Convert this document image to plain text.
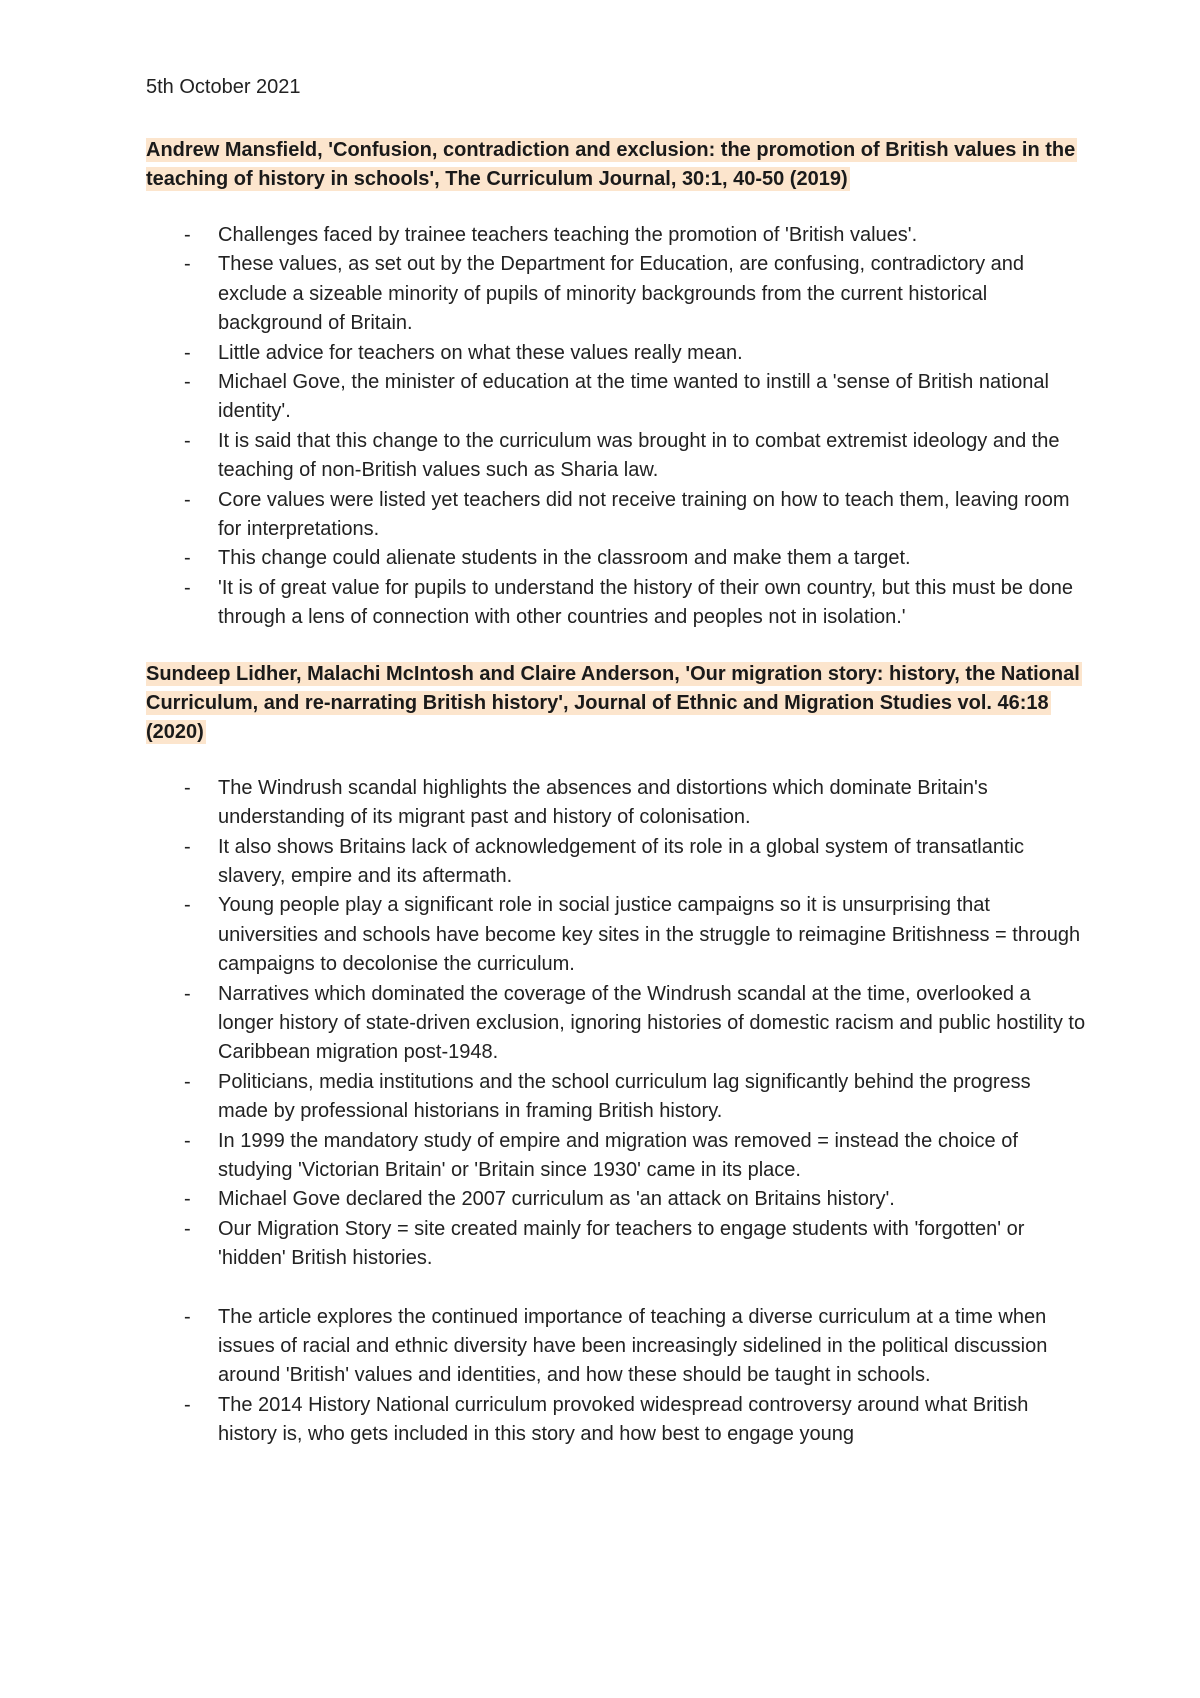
5th October 2021
Andrew Mansfield, 'Confusion, contradiction and exclusion: the promotion of British values in the teaching of history in schools', The Curriculum Journal, 30:1, 40-50 (2019)
- Challenges faced by trainee teachers teaching the promotion of 'British values'.
- These values, as set out by the Department for Education, are confusing, contradictory and exclude a sizeable minority of pupils of minority backgrounds from the current historical background of Britain.
- Little advice for teachers on what these values really mean.
- Michael Gove, the minister of education at the time wanted to instill a 'sense of British national identity'.
- It is said that this change to the curriculum was brought in to combat extremist ideology and the teaching of non-British values such as Sharia law.
- Core values were listed yet teachers did not receive training on how to teach them, leaving room for interpretations.
- This change could alienate students in the classroom and make them a target.
- 'It is of great value for pupils to understand the history of their own country, but this must be done through a lens of connection with other countries and peoples not in isolation.'
Sundeep Lidher, Malachi McIntosh and Claire Anderson, 'Our migration story: history, the National Curriculum, and re-narrating British history', Journal of Ethnic and Migration Studies vol. 46:18 (2020)
- The Windrush scandal highlights the absences and distortions which dominate Britain's understanding of its migrant past and history of colonisation.
- It also shows Britains lack of acknowledgement of its role in a global system of transatlantic slavery, empire and its aftermath.
- Young people play a significant role in social justice campaigns so it is unsurprising that universities and schools have become key sites in the struggle to reimagine Britishness = through campaigns to decolonise the curriculum.
- Narratives which dominated the coverage of the Windrush scandal at the time, overlooked a longer history of state-driven exclusion, ignoring histories of domestic racism and public hostility to Caribbean migration post-1948.
- Politicians, media institutions and the school curriculum lag significantly behind the progress made by professional historians in framing British history.
- In 1999 the mandatory study of empire and migration was removed = instead the choice of studying 'Victorian Britain' or 'Britain since 1930' came in its place.
- Michael Gove declared the 2007 curriculum as 'an attack on Britains history'.
- Our Migration Story = site created mainly for teachers to engage students with 'forgotten' or 'hidden' British histories.
- The article explores the continued importance of teaching a diverse curriculum at a time when issues of racial and ethnic diversity have been increasingly sidelined in the political discussion around 'British' values and identities, and how these should be taught in schools.
- The 2014 History National curriculum provoked widespread controversy around what British history is, who gets included in this story and how best to engage young
